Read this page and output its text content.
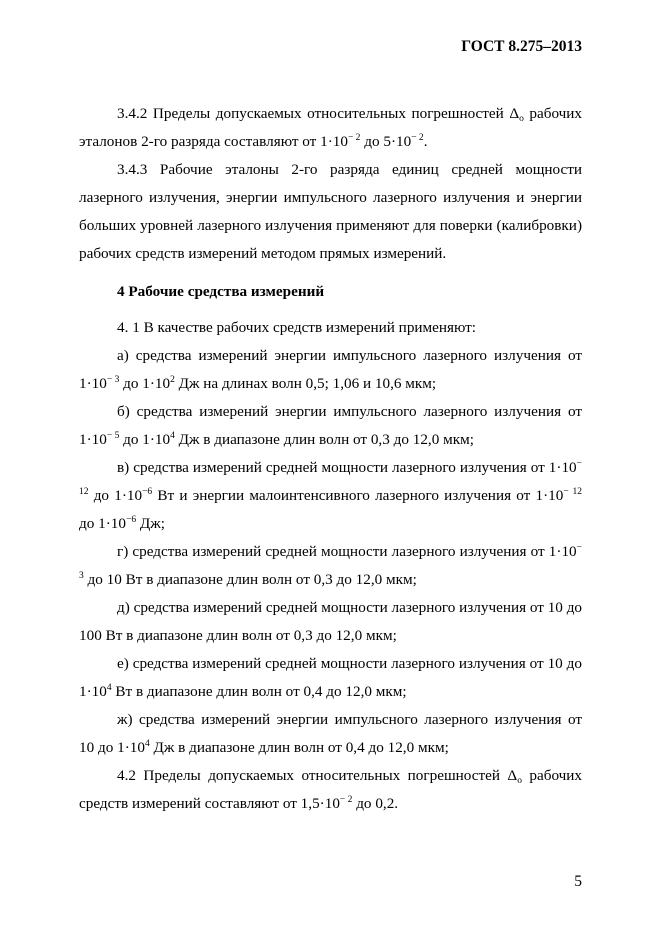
ГОСТ 8.275–2013

3.4.2 Пределы допускаемых относительных погрешностей $\Delta_о$ рабочих эталонов 2-го разряда составляют от $1\cdot 10^{- 2}$ до $5\cdot 10^{- 2}$.

3.4.3 Рабочие эталоны 2-го разряда единиц средней мощности лазерного излучения, энергии импульсного лазерного излучения и энергии больших уровней лазерного излучения применяют для поверки (калибровки) рабочих средств измерений методом прямых измерений.

4 Рабочие средства измерений

4. 1 В качестве рабочих средств измерений применяют:

а) средства измерений энергии импульсного лазерного излучения от $1\cdot 10^{- 3}$ до $1\cdot 10^2$ Дж на длинах волн 0,5; 1,06 и 10,6 мкм;

б) средства измерений энергии импульсного лазерного излучения от $1\cdot 10^{- 5}$ до $1\cdot 10^4$ Дж в диапазоне длин волн от 0,3 до 12,0 мкм;

в) средства измерений средней мощности лазерного излучения от $1\cdot 10^{- 12}$ до $1\cdot 10^{-6}$ Вт и энергии малоинтенсивного лазерного излучения от $1\cdot 10^{- 12}$ до $1\cdot 10^{-6}$ Дж;

г) средства измерений средней мощности лазерного излучения от $1\cdot 10^{- 3}$ до 10 Вт в диапазоне длин волн от 0,3 до 12,0 мкм;

д) средства измерений средней мощности лазерного излучения от 10 до 100 Вт в диапазоне длин волн от 0,3 до 12,0 мкм;

е) средства измерений средней мощности лазерного излучения от 10 до $1\cdot 10^4$ Вт в диапазоне длин волн от 0,4 до 12,0 мкм;

ж) средства измерений энергии импульсного лазерного излучения от 10 до $1\cdot 10^4$ Дж в диапазоне длин волн от 0,4 до 12,0 мкм;

4.2 Пределы допускаемых относительных погрешностей $\Delta_о$ рабочих средств измерений составляют от $1,5\cdot 10^{- 2}$ до 0,2.

5
